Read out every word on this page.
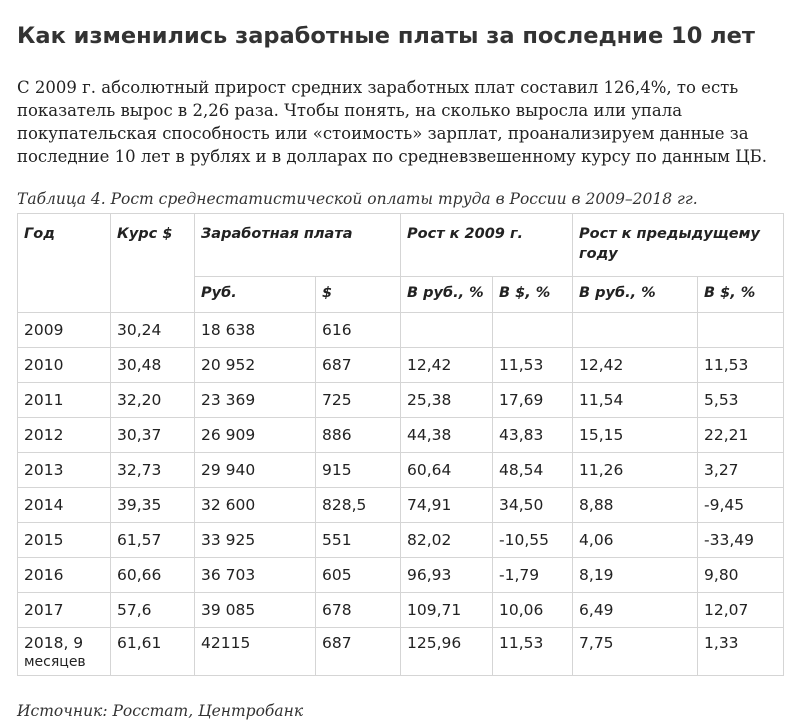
Как изменились заработные платы за последние 10 лет

С 2009 г. абсолютный прирост средних заработных плат составил 126,4%, то есть показатель вырос в 2,26 раза. Чтобы понять, на сколько выросла или упала покупательская способность или «стоимость» зарплат, проанализируем данные за последние 10 лет в рублях и в долларах по средневзвешенному курсу по данным ЦБ.

Таблица 4. Рост среднестатистической оплаты труда в России в 2009–2018 гг.

Год	Курс $	Заработная плата		Рост к 2009 г.		Рост к предыдущему году	
		Руб.	$	В руб., %	В $, %	В руб., %	В $, %
2009	30,24	18 638	616				
2010	30,48	20 952	687	12,42	11,53	12,42	11,53
2011	32,20	23 369	725	25,38	17,69	11,54	5,53
2012	30,37	26 909	886	44,38	43,83	15,15	22,21
2013	32,73	29 940	915	60,64	48,54	11,26	3,27
2014	39,35	32 600	828,5	74,91	34,50	8,88	-9,45
2015	61,57	33 925	551	82,02	-10,55	4,06	-33,49
2016	60,66	36 703	605	96,93	-1,79	8,19	9,80
2017	57,6	39 085	678	109,71	10,06	6,49	12,07

2018, 9
месяцев	61,61	42115	687	125,96	11,53	7,75	1,33

Источник: Росстат, Центробанк
